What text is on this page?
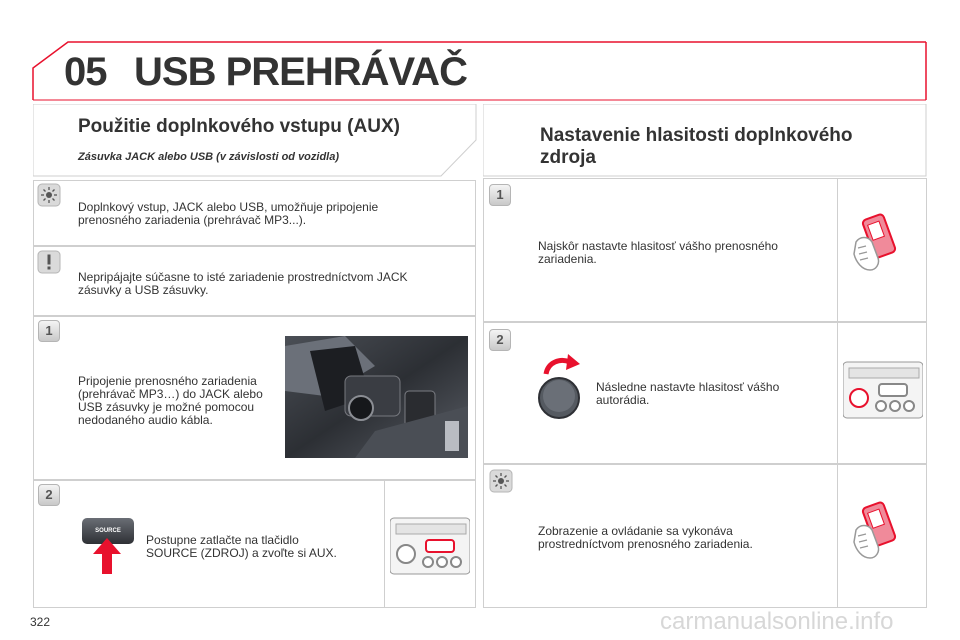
05 USB PREHRÁVAČ
Použitie doplnkového vstupu (AUX)
Zásuvka JACK alebo USB (v závislosti od vozidla)
Doplnkový vstup, JACK alebo USB, umožňuje pripojenie
prenosného zariadenia (prehrávač MP3...).
Nepripájajte súčasne to isté zariadenie prostredníctvom JACK
zásuvky a USB zásuvky.
1
Pripojenie prenosného zariadenia
(prehrávač MP3…) do JACK alebo
USB zásuvky je možné pomocou
nedodaného audio kábla.
2
SOURCE
Postupne zatlačte na tlačidlo
SOURCE (ZDROJ) a zvoľte si AUX.
Nastavenie hlasitosti doplnkového
zdroja
1
Najskôr nastavte hlasitosť vášho prenosného
zariadenia.
2
Následne nastavte hlasitosť vášho
autorádia.
Zobrazenie a ovládanie sa vykonáva
prostredníctvom prenosného zariadenia.
322	carmanualsonline.info
